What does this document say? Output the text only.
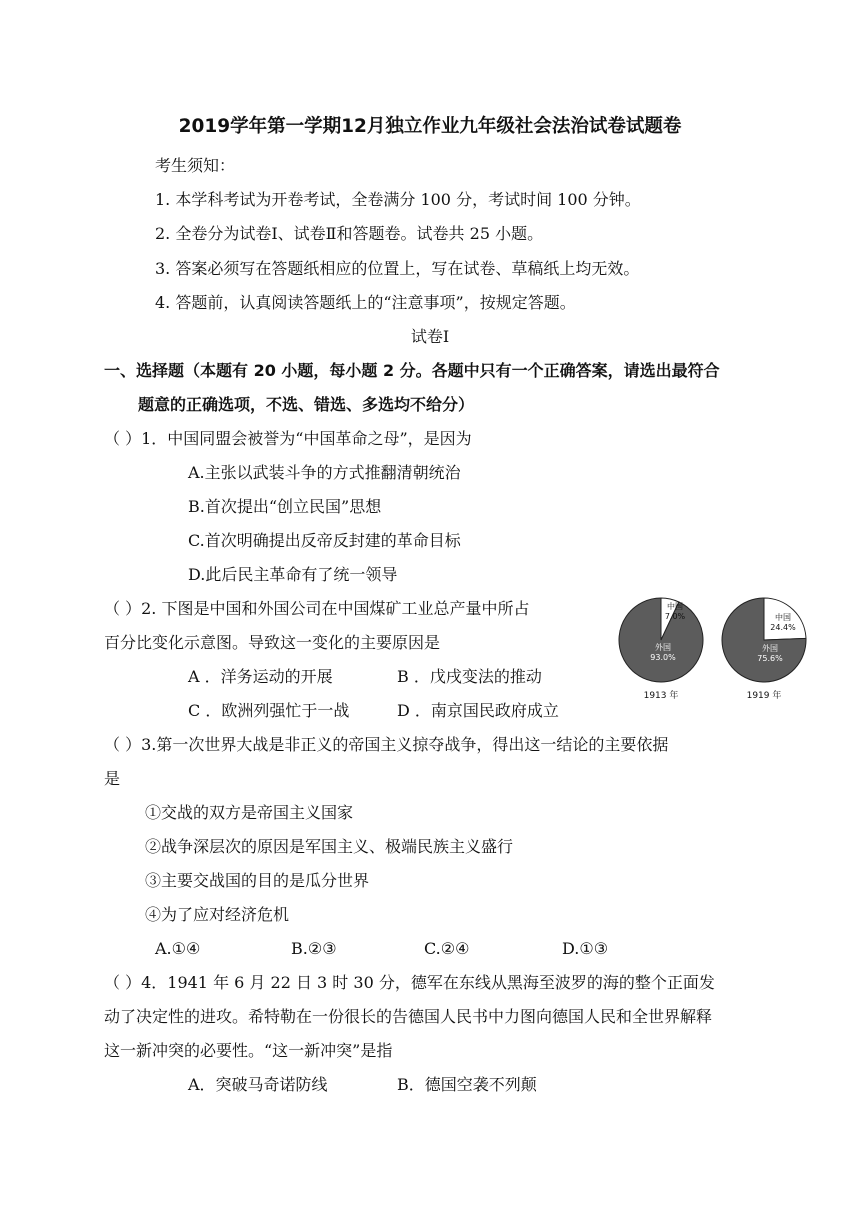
2019学年第一学期12月独立作业九年级社会法治试卷试题卷
考生须知：
1. 本学科考试为开卷考试，全卷满分 100 分，考试时间 100 分钟。
2. 全卷分为试卷Ⅰ、试卷Ⅱ和答题卷。试卷共 25 小题。
3. 答案必须写在答题纸相应的位置上，写在试卷、草稿纸上均无效。
4. 答题前，认真阅读答题纸上的“注意事项”，按规定答题。
试卷Ⅰ
一、选择题（本题有 20 小题，每小题 2 分。各题中只有一个正确答案，请选出最符合
题意的正确选项，不选、错选、多选均不给分）
（ ）1．中国同盟会被誉为“中国革命之母”，是因为
A.主张以武装斗争的方式推翻清朝统治
B.首次提出“创立民国”思想
C.首次明确提出反帝反封建的革命目标
D.此后民主革命有了统一领导
（ ）2. 下图是中国和外国公司在中国煤矿工业总产量中所占
百分比变化示意图。导致这一变化的主要原因是
A ．洋务运动的开展	B ．戊戌变法的推动
C ．欧洲列强忙于一战	D ．南京国民政府成立
中国
7.0%
外国
93.0%
1913 年
中国
24.4%
外国
75.6%
1919 年
（ ）3.第一次世界大战是非正义的帝国主义掠夺战争，得出这一结论的主要依据
是
①交战的双方是帝国主义国家
②战争深层次的原因是军国主义、极端民族主义盛行
③主要交战国的目的是瓜分世界
④为了应对经济危机
A.①④	B.②③	C.②④	D.①③
（ ）4．1941 年 6 月 22 日 3 时 30 分，德军在东线从黑海至波罗的海的整个正面发
动了决定性的进攻。希特勒在一份很长的告德国人民书中力图向德国人民和全世界解释
这一新冲突的必要性。“这一新冲突”是指
A．突破马奇诺防线	B．德国空袭不列颠
